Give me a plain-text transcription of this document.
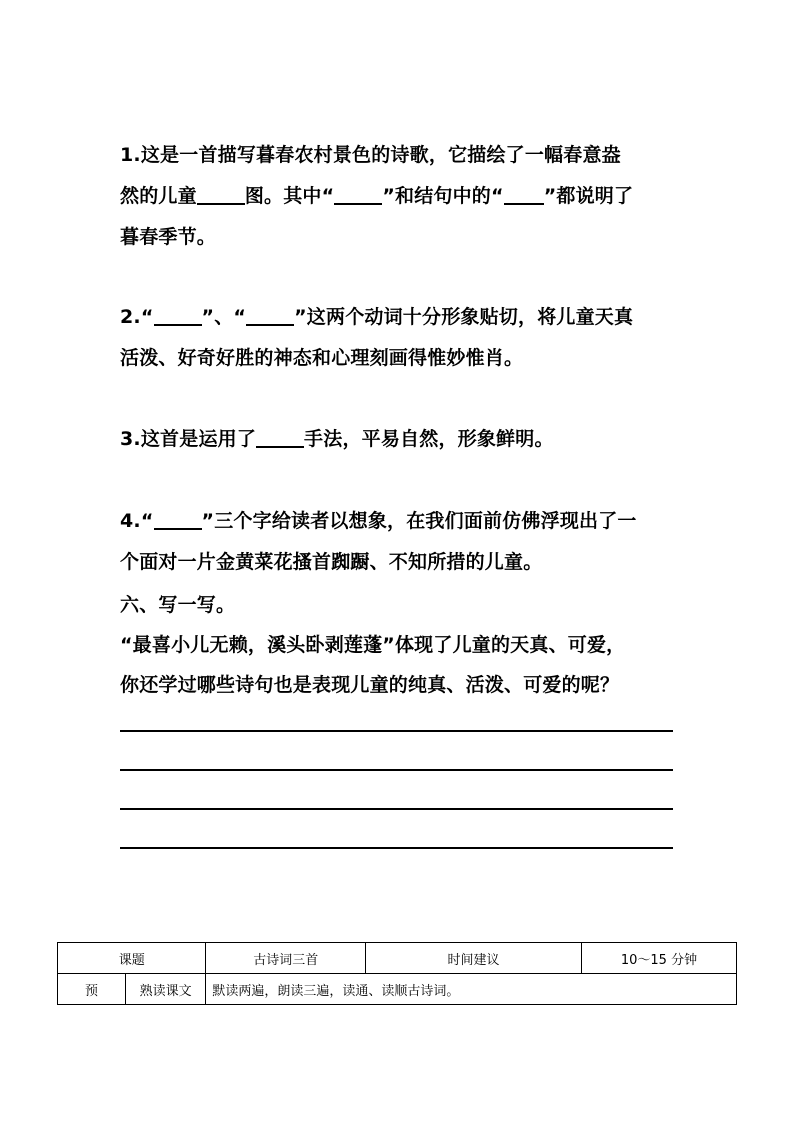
1.这是一首描写暮春农村景色的诗歌，它描绘了一幅春意盎
然的儿童	图。其中“	”和结句中的“ ”都说明了
暮春季节。
2.“	”、“	”这两个动词十分形象贴切，将儿童天真
活泼、好奇好胜的神态和心理刻画得惟妙惟肖。
3.这首是运用了	手法，平易自然，形象鲜明。
4.“	”三个字给读者以想象，在我们面前仿佛浮现出了一
个面对一片金黄菜花搔首踟蹰、不知所措的儿童。
六、写一写。
“最喜小儿无赖，溪头卧剥莲蓬”体现了儿童的天真、可爱，
你还学过哪些诗句也是表现儿童的纯真、活泼、可爱的呢？
课题		古诗词三首	时间建议	10～15 分钟
预	熟读课文	默读两遍，朗读三遍，读通、读顺古诗词。		
